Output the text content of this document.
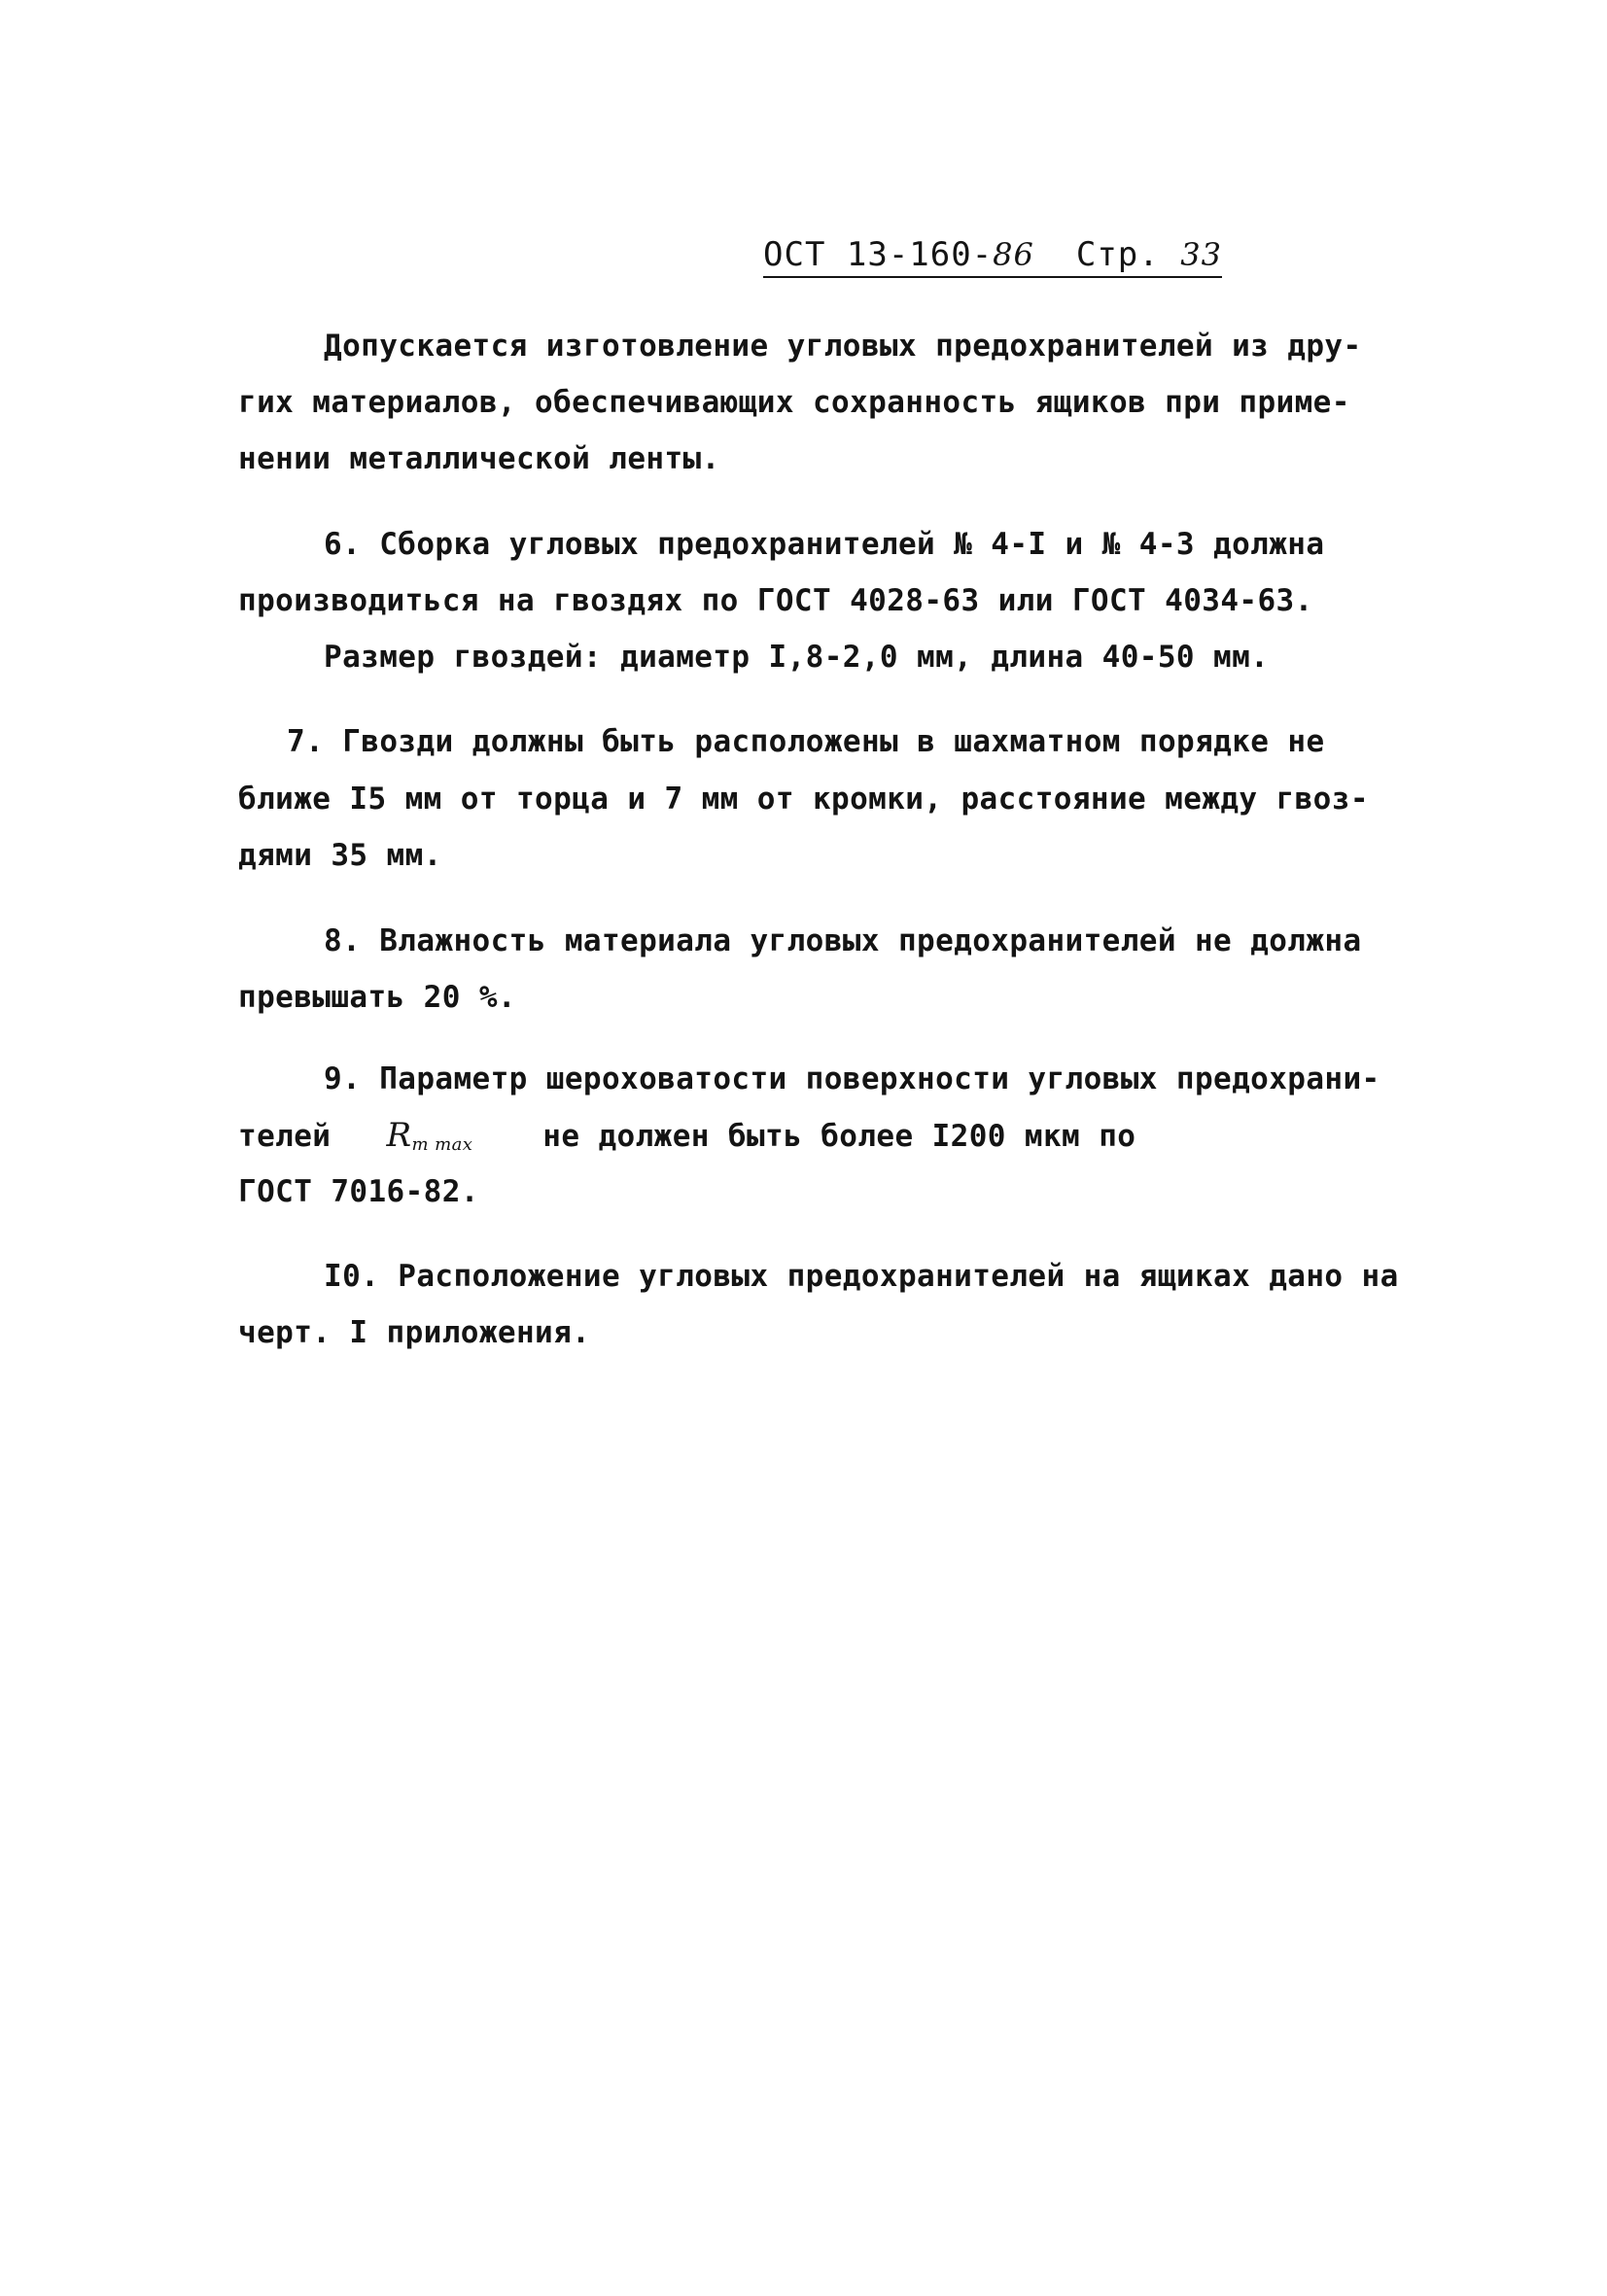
ОСТ 13-160-86 Стр. 33
Допускается изготовление угловых предохранителей из дру-
гих материалов, обеспечивающих сохранность ящиков при приме-
нении металлической ленты.
6. Сборка угловых предохранителей № 4-I и № 4-3 должна
производиться на гвоздях по ГОСТ 4028-63 или ГОСТ 4034-63.
Размер гвоздей: диаметр I,8-2,0 мм, длина 40-50 мм.
7. Гвозди должны быть расположены в шахматном порядке не
ближе I5 мм от торца и 7 мм от кромки, расстояние между гвоз-
дями 35 мм.
8. Влажность материала угловых предохранителей не должна
превышать 20 %.
9. Параметр шероховатости поверхности угловых предохрани-
телей $R_{m max}$ не должен быть более I200 мкм по
ГОСТ 7016-82.
I0. Расположение угловых предохранителей на ящиках дано на
черт. I приложения.
